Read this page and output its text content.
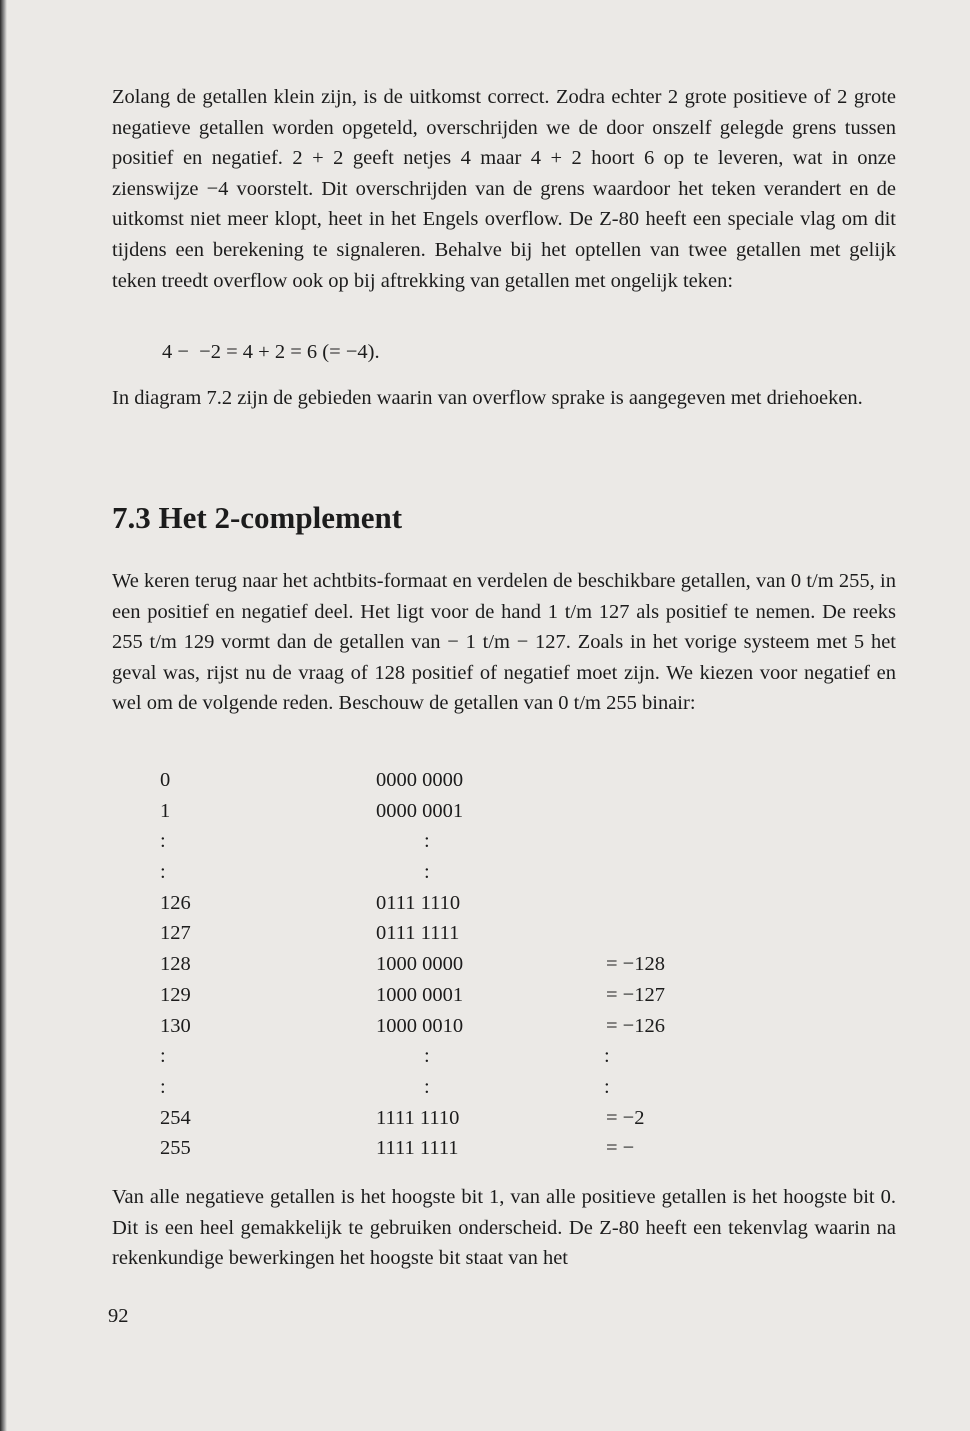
Zolang de getallen klein zijn, is de uitkomst correct. Zodra echter 2 grote positieve of 2 grote negatieve getallen worden opgeteld, overschrijden we de door onszelf gelegde grens tussen positief en negatief. 2 + 2 geeft netjes 4 maar 4 + 2 hoort 6 op te leveren, wat in onze zienswijze −4 voorstelt. Dit overschrijden van de grens waardoor het teken verandert en de uitkomst niet meer klopt, heet in het Engels overflow. De Z-80 heeft een speciale vlag om dit tijdens een berekening te signaleren. Behalve bij het optellen van twee getallen met gelijk teken treedt overflow ook op bij aftrekking van getallen met ongelijk teken:

4 −  −2 = 4 + 2 = 6 (= −4).

In diagram 7.2 zijn de gebieden waarin van overflow sprake is aangegeven met driehoeken.

7.3 Het 2-complement

We keren terug naar het achtbits-formaat en verdelen de beschikbare getallen, van 0 t/m 255, in een positief en negatief deel. Het ligt voor de hand 1 t/m 127 als positief te nemen. De reeks 255 t/m 129 vormt dan de getallen van − 1 t/m − 127. Zoals in het vorige systeem met 5 het geval was, rijst nu de vraag of 128 positief of negatief moet zijn. We kiezen voor negatief en wel om de volgende reden. Beschouw de getallen van 0 t/m 255 binair:

0	0000 0000
1	0000 0001
:	:
:	:
126	0111 1110
127	0111 1111
128	1000 0000	= −128
129	1000 0001	= −127
130	1000 0010	= −126
:	:	:
:	:	:
254	1111 1110	= −2
255	1111 1111	= −

Van alle negatieve getallen is het hoogste bit 1, van alle positieve getallen is het hoogste bit 0. Dit is een heel gemakkelijk te gebruiken onderscheid. De Z-80 heeft een tekenvlag waarin na rekenkundige bewerkingen het hoogste bit staat van het

92
